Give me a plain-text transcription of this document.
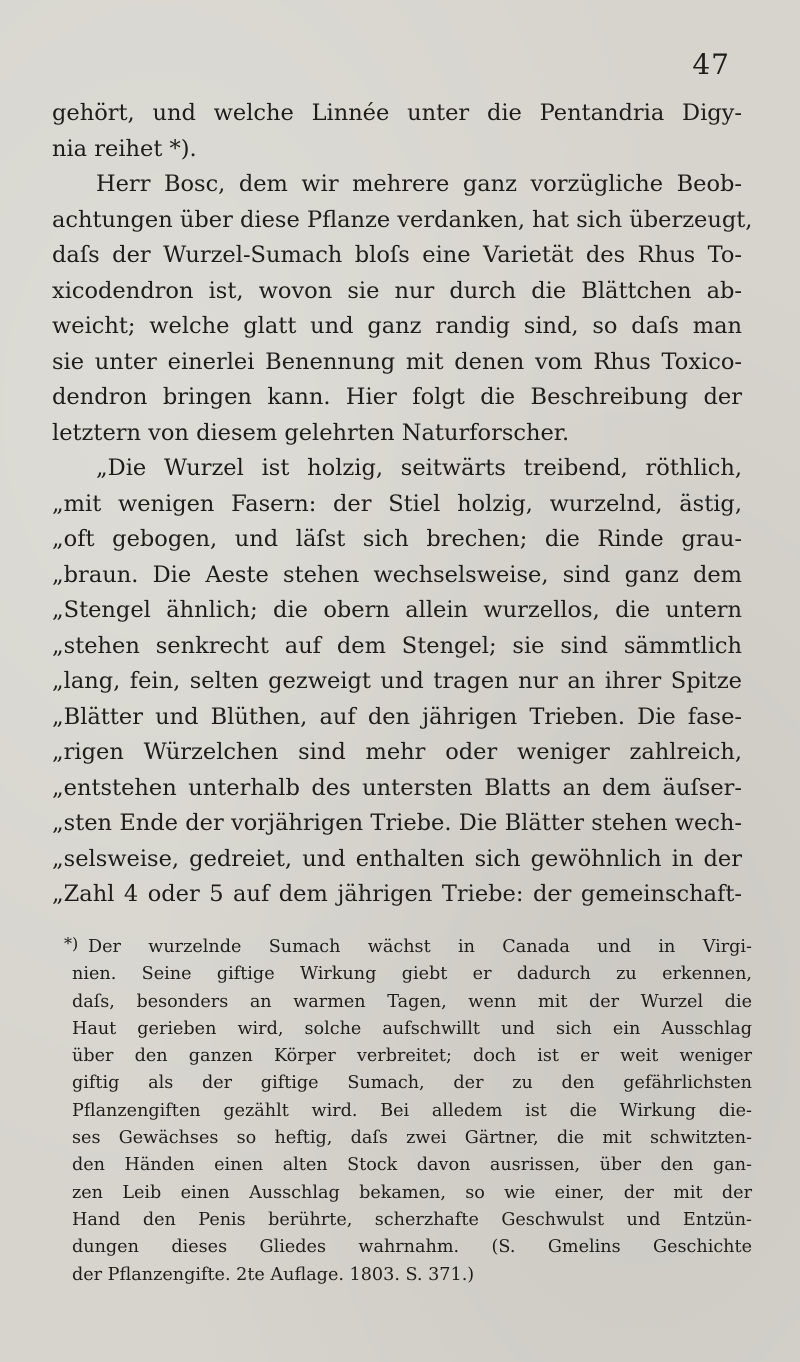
47
gehört, und welche Linnée unter die Pentandria Digy-
nia reihet *).
Herr Bosc, dem wir mehrere ganz vorzügliche Beob-
achtungen über diese Pflanze verdanken, hat sich überzeugt,
daſs der Wurzel-Sumach bloſs eine Varietät des Rhus To-
xicodendron ist, wovon sie nur durch die Blättchen ab-
weicht; welche glatt und ganz randig sind, so daſs man
sie unter einerlei Benennung mit denen vom Rhus Toxico-
dendron bringen kann. Hier folgt die Beschreibung der
letztern von diesem gelehrten Naturforscher.
„Die Wurzel ist holzig, seitwärts treibend, röthlich,
„mit wenigen Fasern: der Stiel holzig, wurzelnd, ästig,
„oft gebogen, und läſst sich brechen; die Rinde grau-
„braun. Die Aeste stehen wechselsweise, sind ganz dem
„Stengel ähnlich; die obern allein wurzellos, die untern
„stehen senkrecht auf dem Stengel; sie sind sämmtlich
„lang, fein, selten gezweigt und tragen nur an ihrer Spitze
„Blätter und Blüthen, auf den jährigen Trieben. Die fase-
„rigen Würzelchen sind mehr oder weniger zahlreich,
„entstehen unterhalb des untersten Blatts an dem äuſser-
„sten Ende der vorjährigen Triebe. Die Blätter stehen wech-
„selsweise, gedreiet, und enthalten sich gewöhnlich in der
„Zahl 4 oder 5 auf dem jährigen Triebe: der gemeinschaft-
*) Der wurzelnde Sumach wächst in Canada und in Virgi-
nien. Seine giftige Wirkung giebt er dadurch zu erkennen,
daſs, besonders an warmen Tagen, wenn mit der Wurzel die
Haut gerieben wird, solche aufschwillt und sich ein Ausschlag
über den ganzen Körper verbreitet; doch ist er weit weniger
giftig als der giftige Sumach, der zu den gefährlichsten
Pflanzengiften gezählt wird. Bei alledem ist die Wirkung die-
ses Gewächses so heftig, daſs zwei Gärtner, die mit schwitzten-
den Händen einen alten Stock davon ausrissen, über den gan-
zen Leib einen Ausschlag bekamen, so wie einer, der mit der
Hand den Penis berührte, scherzhafte Geschwulst und Entzün-
dungen dieses Gliedes wahrnahm. (S. Gmelins Geschichte
der Pflanzengifte. 2te Auflage. 1803. S. 371.)
